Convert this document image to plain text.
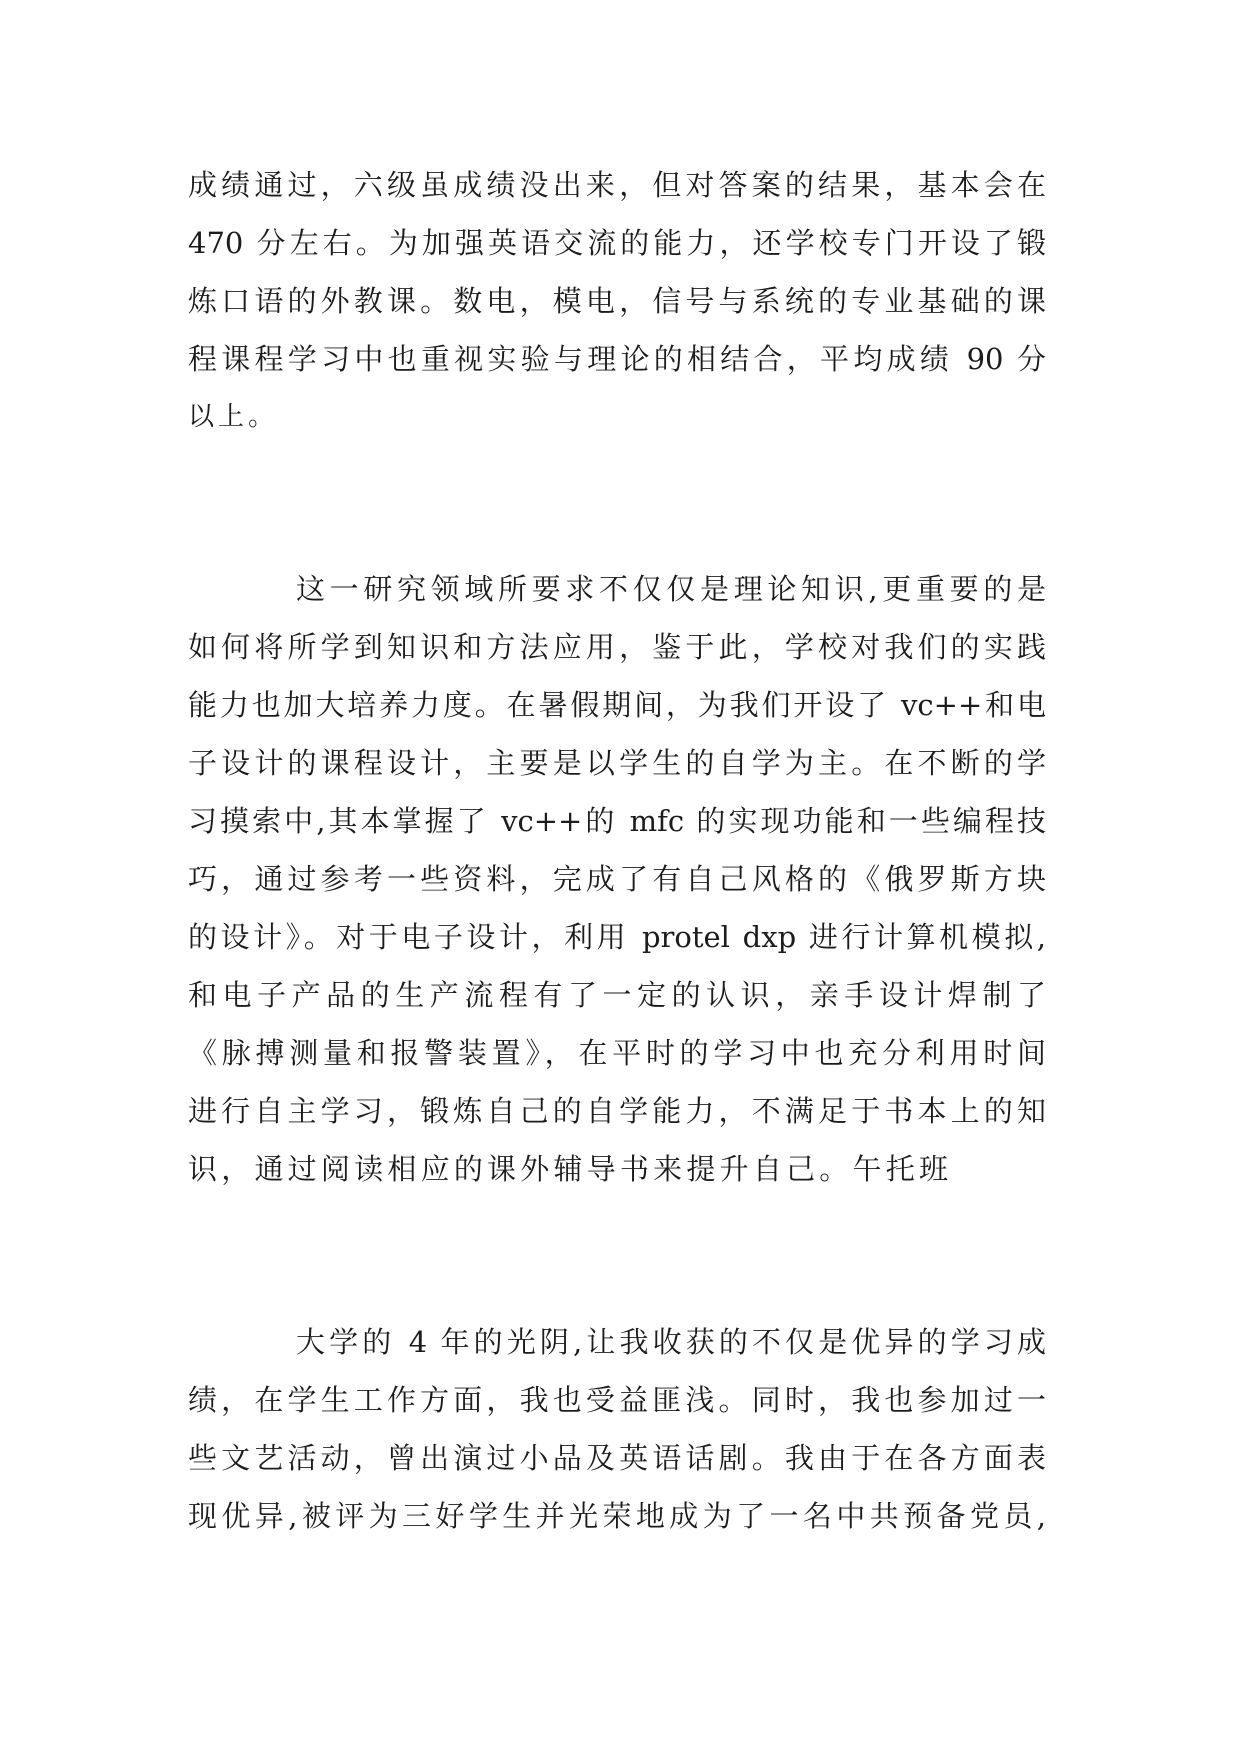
成绩通过，六级虽成绩没出来，但对答案的结果，基本会在
470 分左右。为加强英语交流的能力，还学校专门开设了锻
炼口语的外教课。数电，模电，信号与系统的专业基础的课
程课程学习中也重视实验与理论的相结合，平均成绩 90 分
以上。
这一研究领域所要求不仅仅是理论知识,更重要的是
如何将所学到知识和方法应用，鉴于此，学校对我们的实践
能力也加大培养力度。在暑假期间，为我们开设了 vc++和电
子设计的课程设计，主要是以学生的自学为主。在不断的学
习摸索中,其本掌握了 vc++的 mfc 的实现功能和一些编程技
巧，通过参考一些资料，完成了有自己风格的《俄罗斯方块
的设计》。对于电子设计，利用 protel dxp 进行计算机模拟,
和电子产品的生产流程有了一定的认识，亲手设计焊制了
《脉搏测量和报警装置》，在平时的学习中也充分利用时间
进行自主学习，锻炼自己的自学能力，不满足于书本上的知
识，通过阅读相应的课外辅导书来提升自己。午托班
大学的 4 年的光阴,让我收获的不仅是优异的学习成
绩，在学生工作方面，我也受益匪浅。同时，我也参加过一
些文艺活动，曾出演过小品及英语话剧。我由于在各方面表
现优异,被评为三好学生并光荣地成为了一名中共预备党员,
